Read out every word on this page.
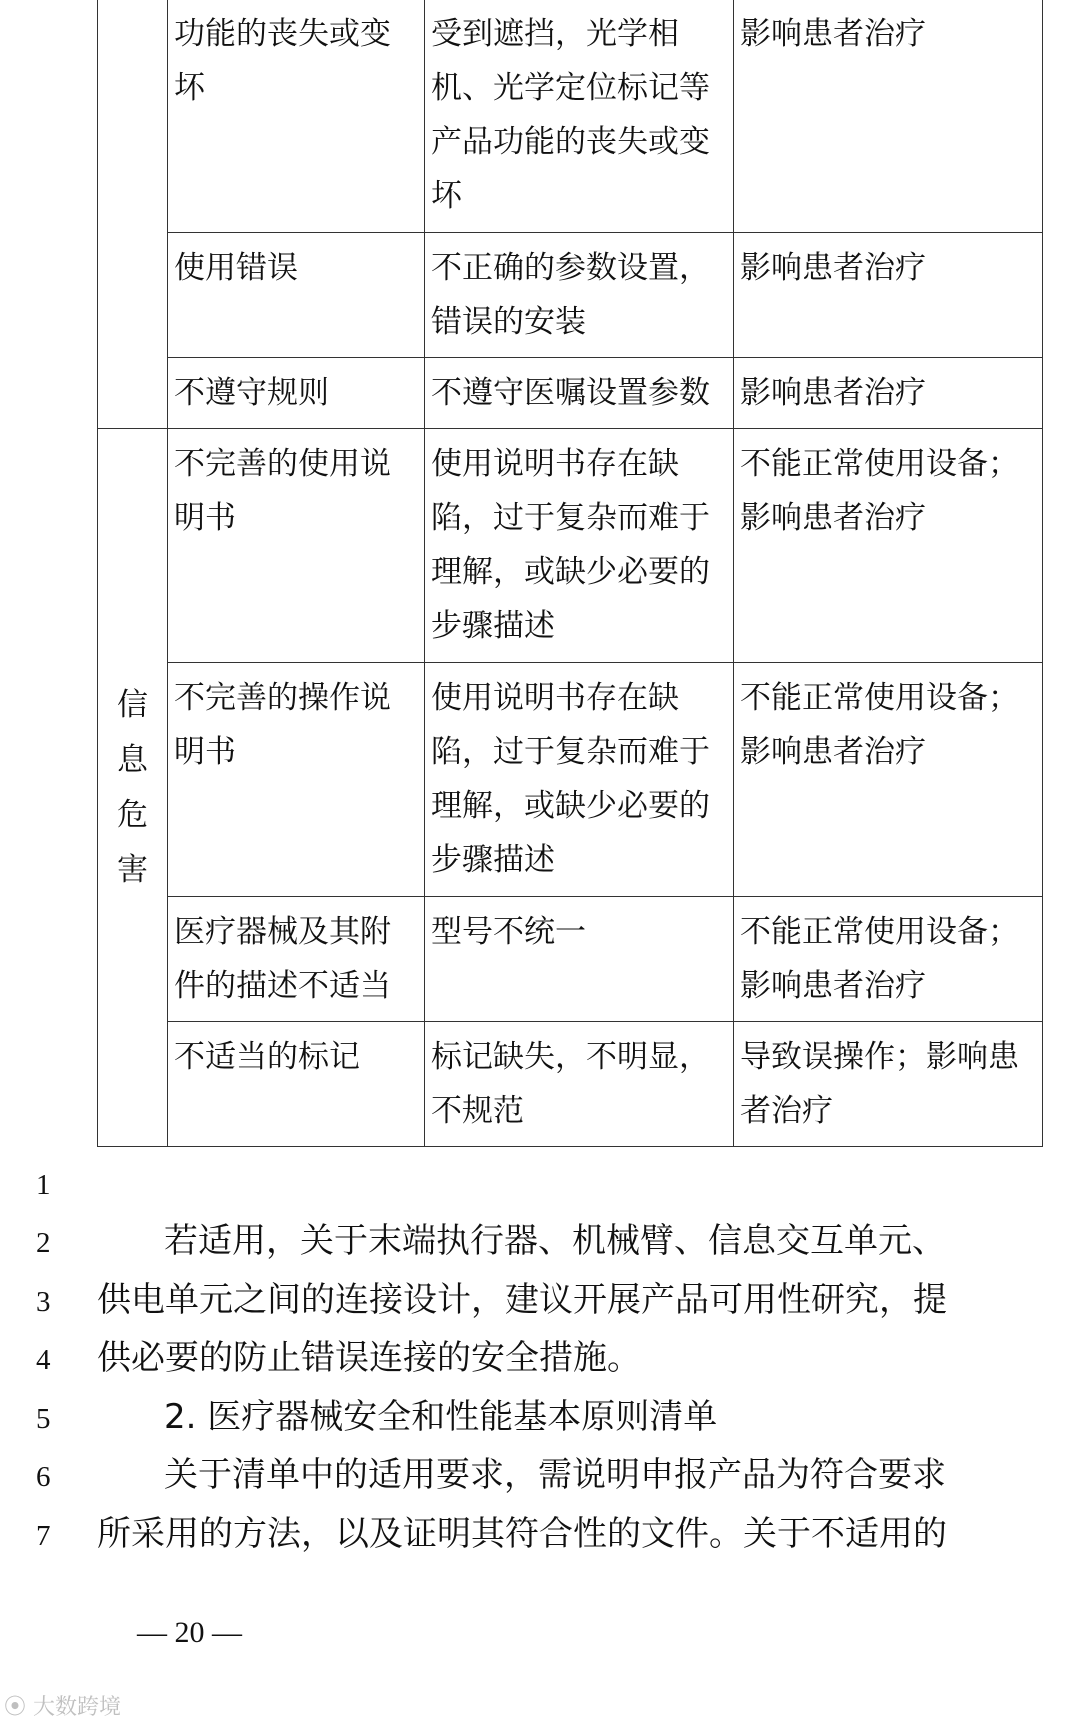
	功能的丧失或变坏	受到遮挡，光学相机、光学定位标记等产品功能的丧失或变坏	影响患者治疗
	使用错误	不正确的参数设置，错误的安装	影响患者治疗
	不遵守规则	不遵守医嘱设置参数	影响患者治疗
信息危害	不完善的使用说明书	使用说明书存在缺陷，过于复杂而难于理解，或缺少必要的步骤描述	不能正常使用设备；影响患者治疗
	不完善的操作说明书	使用说明书存在缺陷，过于复杂而难于理解，或缺少必要的步骤描述	不能正常使用设备；影响患者治疗
	医疗器械及其附件的描述不适当	型号不统一	不能正常使用设备；影响患者治疗
	不适当的标记	标记缺失，不明显，不规范	导致误操作；影响患者治疗
1
2
3
4
5
6
7
若适用，关于末端执行器、机械臂、信息交互单元、
供电单元之间的连接设计，建议开展产品可用性研究，提
供必要的防止错误连接的安全措施。
2. 医疗器械安全和性能基本原则清单
关于清单中的适用要求，需说明申报产品为符合要求
所采用的方法，以及证明其符合性的文件。关于不适用的
— 20 —
⦿ 大数跨境
